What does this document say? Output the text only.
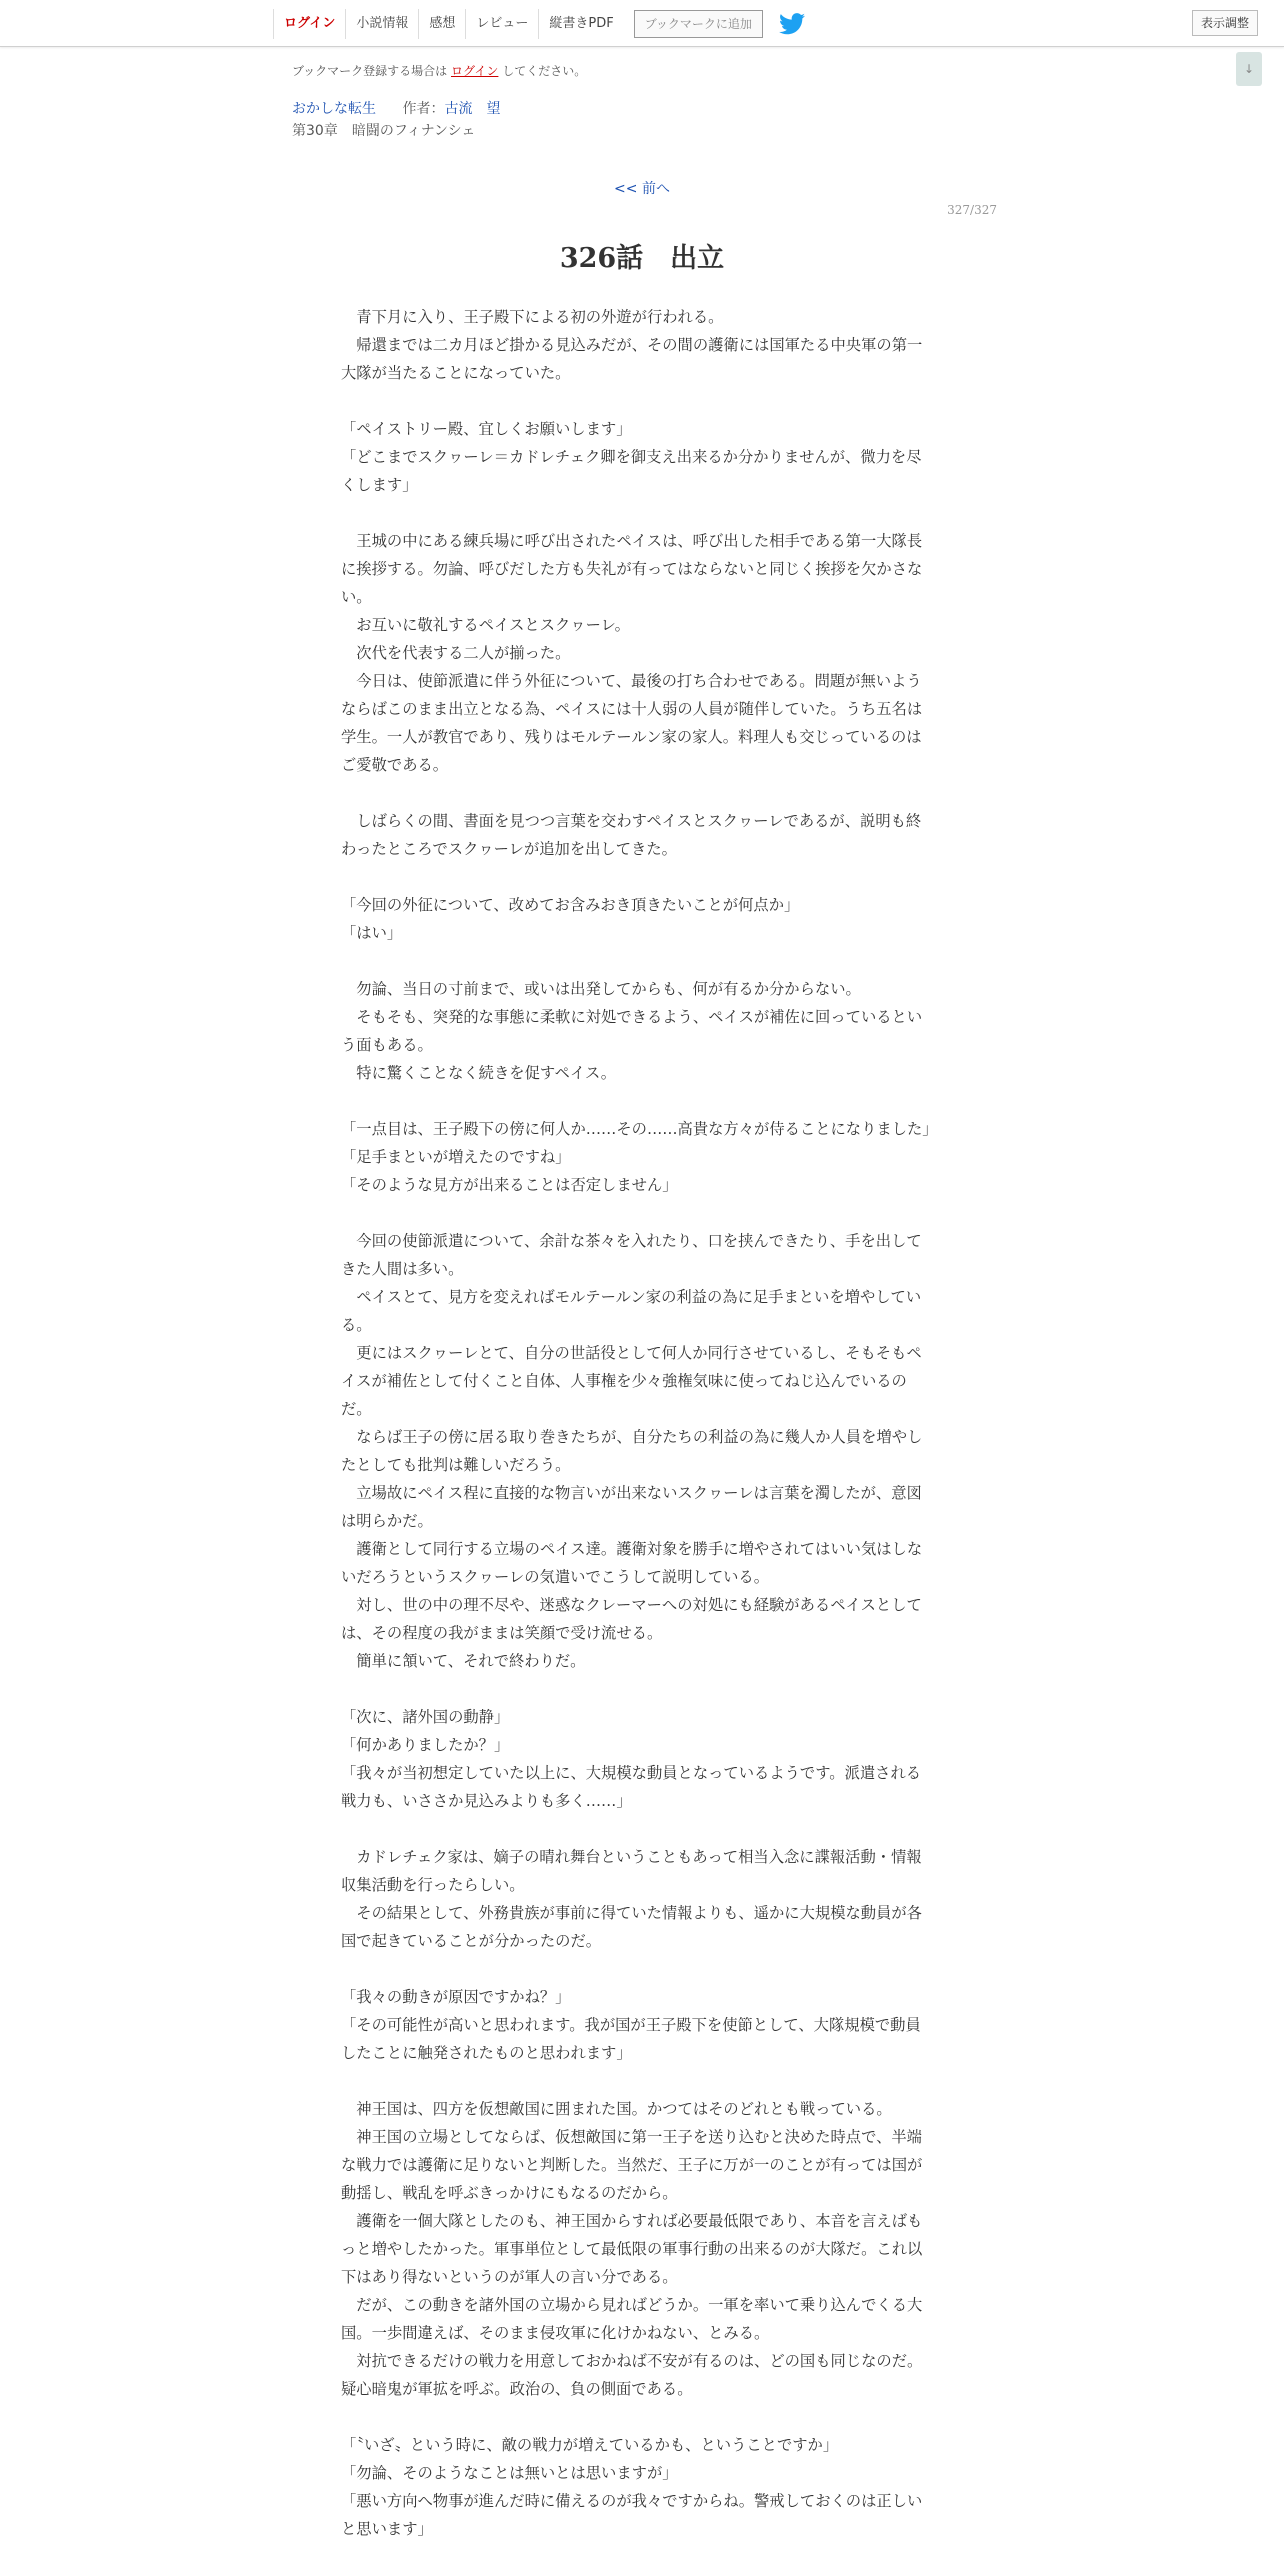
ログイン	小説情報	感想	レビュー	縦書きPDF	ブックマークに追加	表示調整
↓
ブックマーク登録する場合は ログイン してください。
おかしな転生 作者：古流　望
第30章　暗闘のフィナンシェ
<< 前へ
327/327
326話　出立

　青下月に入り、王子殿下による初の外遊が行われる。

　帰還までは二カ月ほど掛かる見込みだが、その間の護衛には国軍たる中央軍の第一大隊が当たることになっていた。

「ペイストリー殿、宜しくお願いします」

「どこまでスクヮーレ＝カドレチェク卿を御支え出来るか分かりませんが、微力を尽くします」

　王城の中にある練兵場に呼び出されたペイスは、呼び出した相手である第一大隊長に挨拶する。勿論、呼びだした方も失礼が有ってはならないと同じく挨拶を欠かさない。

　お互いに敬礼するペイスとスクヮーレ。

　次代を代表する二人が揃った。

　今日は、使節派遣に伴う外征について、最後の打ち合わせである。問題が無いようならばこのまま出立となる為、ペイスには十人弱の人員が随伴していた。うち五名は学生。一人が教官であり、残りはモルテールン家の家人。料理人も交じっているのはご愛敬である。

　しばらくの間、書面を見つつ言葉を交わすペイスとスクヮーレであるが、説明も終わったところでスクヮーレが追加を出してきた。

「今回の外征について、改めてお含みおき頂きたいことが何点か」

「はい」

　勿論、当日の寸前まで、或いは出発してからも、何が有るか分からない。

　そもそも、突発的な事態に柔軟に対処できるよう、ペイスが補佐に回っているという面もある。

　特に驚くことなく続きを促すペイス。

「一点目は、王子殿下の傍に何人か……その……高貴な方々が侍ることになりました」

「足手まといが増えたのですね」

「そのような見方が出来ることは否定しません」

　今回の使節派遣について、余計な茶々を入れたり、口を挟んできたり、手を出してきた人間は多い。

　ペイスとて、見方を変えればモルテールン家の利益の為に足手まといを増やしている。

　更にはスクヮーレとて、自分の世話役として何人か同行させているし、そもそもペイスが補佐として付くこと自体、人事権を少々強権気味に使ってねじ込んでいるのだ。

　ならば王子の傍に居る取り巻きたちが、自分たちの利益の為に幾人か人員を増やしたとしても批判は難しいだろう。

　立場故にペイス程に直接的な物言いが出来ないスクヮーレは言葉を濁したが、意図は明らかだ。

　護衛として同行する立場のペイス達。護衛対象を勝手に増やされてはいい気はしないだろうというスクヮーレの気遣いでこうして説明している。

　対し、世の中の理不尽や、迷惑なクレーマーへの対処にも経験があるペイスとしては、その程度の我がままは笑顔で受け流せる。

　簡単に頷いて、それで終わりだ。

「次に、諸外国の動静」

「何かありましたか？」

「我々が当初想定していた以上に、大規模な動員となっているようです。派遣される戦力も、いささか見込みよりも多く……」

　カドレチェク家は、嫡子の晴れ舞台ということもあって相当入念に諜報活動・情報収集活動を行ったらしい。

　その結果として、外務貴族が事前に得ていた情報よりも、遥かに大規模な動員が各国で起きていることが分かったのだ。

「我々の動きが原因ですかね？」

「その可能性が高いと思われます。我が国が王子殿下を使節として、大隊規模で動員したことに触発されたものと思われます」

　神王国は、四方を仮想敵国に囲まれた国。かつてはそのどれとも戦っている。

　神王国の立場としてならば、仮想敵国に第一王子を送り込むと決めた時点で、半端な戦力では護衛に足りないと判断した。当然だ、王子に万が一のことが有っては国が動揺し、戦乱を呼ぶきっかけにもなるのだから。

　護衛を一個大隊としたのも、神王国からすれば必要最低限であり、本音を言えばもっと増やしたかった。軍事単位として最低限の軍事行動の出来るのが大隊だ。これ以下はあり得ないというのが軍人の言い分である。

　だが、この動きを諸外国の立場から見ればどうか。一軍を率いて乗り込んでくる大国。一歩間違えば、そのまま侵攻軍に化けかねない、とみる。

　対抗できるだけの戦力を用意しておかねば不安が有るのは、どの国も同じなのだ。疑心暗鬼が軍拡を呼ぶ。政治の、負の側面である。

「〝いざ〟という時に、敵の戦力が増えているかも、ということですか」

「勿論、そのようなことは無いとは思いますが」

「悪い方向へ物事が進んだ時に備えるのが我々ですからね。警戒しておくのは正しいと思います」
